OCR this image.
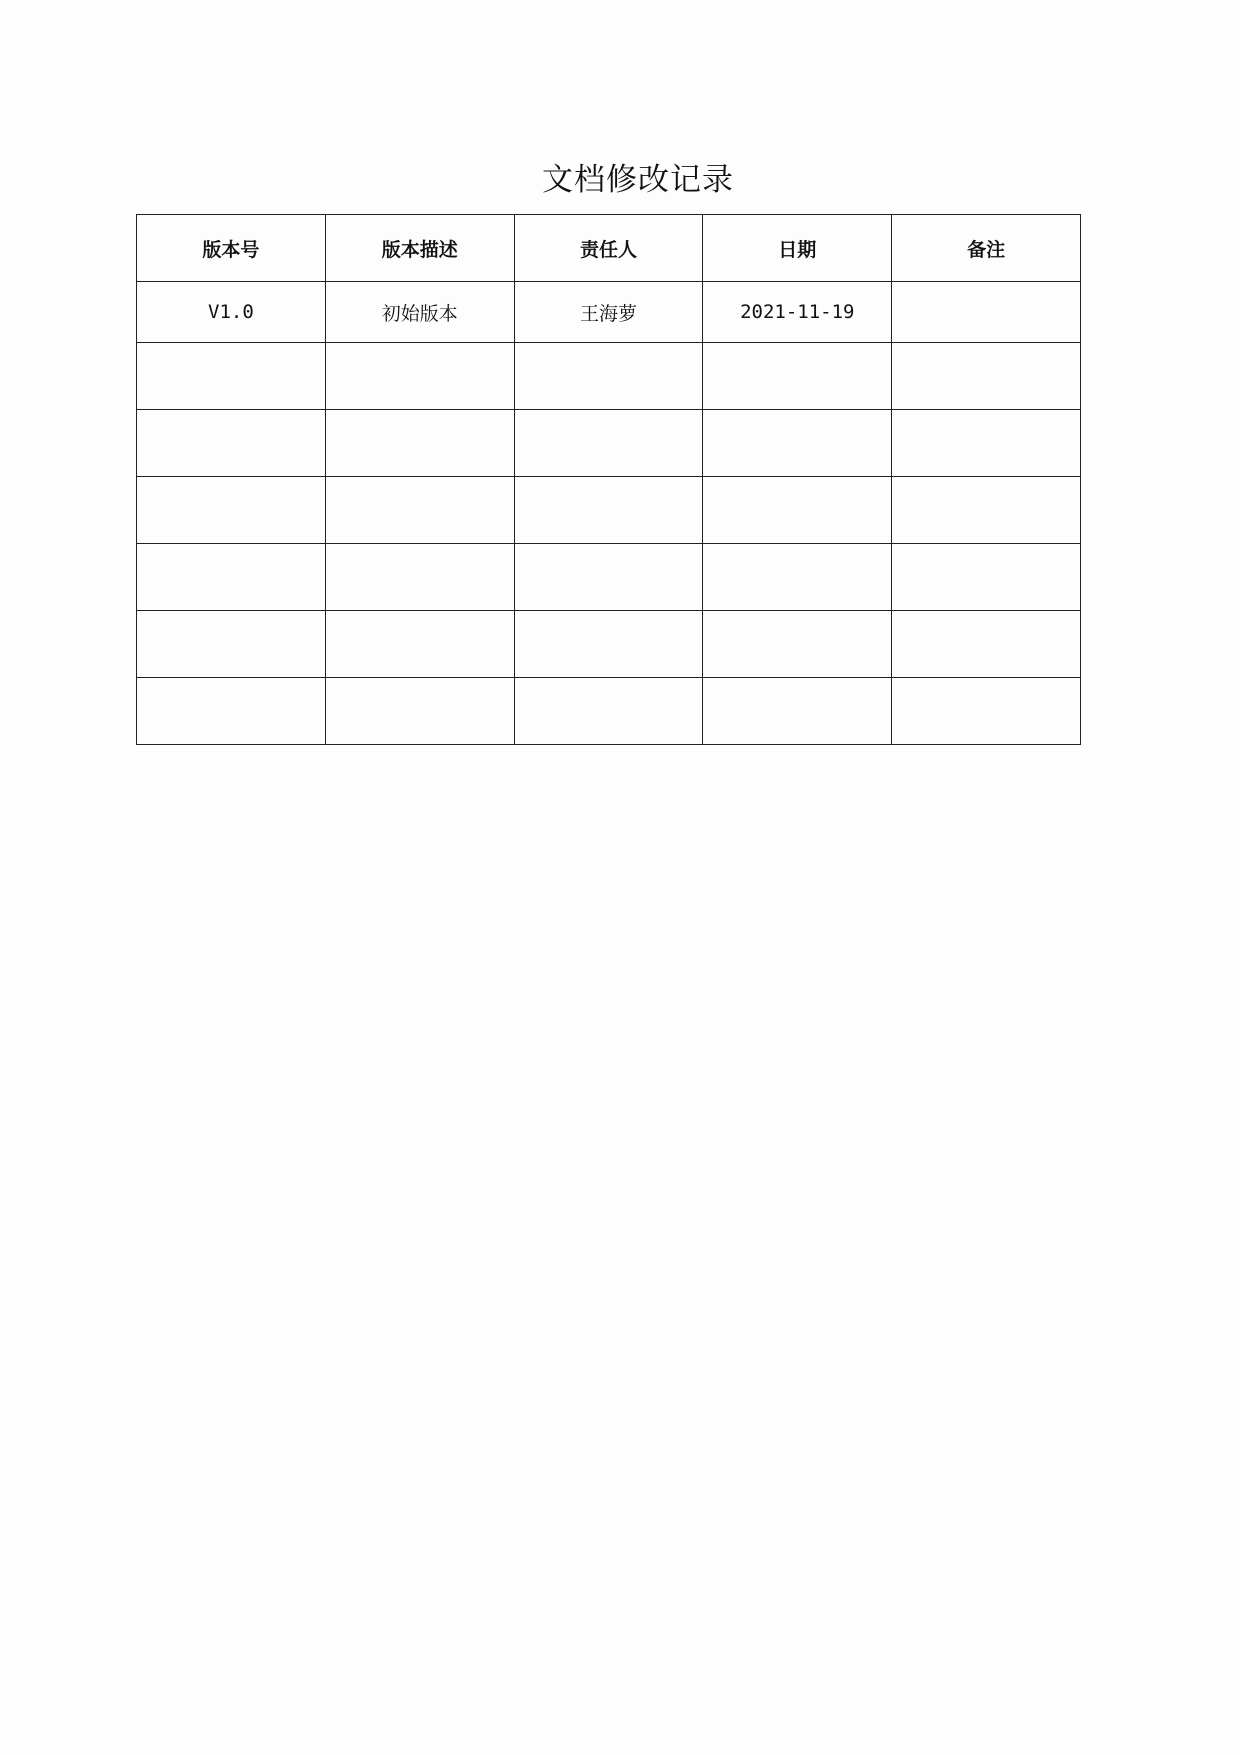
文档修改记录
版本号	版本描述	责任人	日期	备注
V1.0	初始版本	王海萝	2021-11-19	
